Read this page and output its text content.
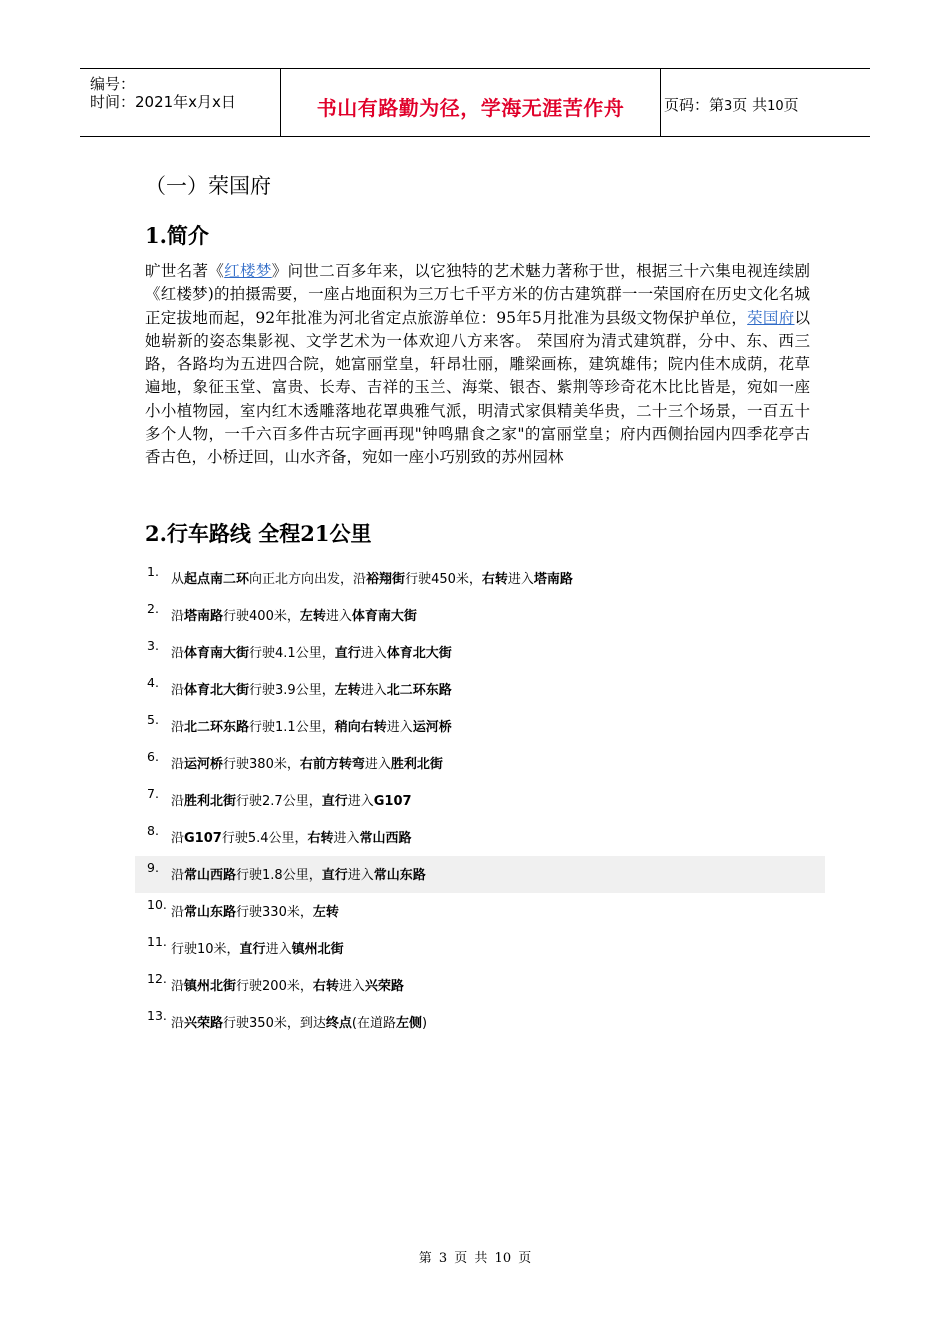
编号：
时间：2021年x月x日	书山有路勤为径，学海无涯苦作舟	页码：第3页 共10页
（一）荣国府
1.简介
旷世名著《红楼梦》问世二百多年来，以它独特的艺术魅力著称于世，根据三十六集电视连续剧《红楼梦)的拍摄需要，一座占地面积为三万七千平方米的仿古建筑群一一荣国府在历史文化名城正定拔地而起，92年批准为河北省定点旅游单位：95年5月批准为县级文物保护单位，荣国府以她崭新的姿态集影视、文学艺术为一体欢迎八方来客。 荣国府为清式建筑群，分中、东、西三路，各路均为五进四合院，她富丽堂皇，轩昂壮丽，雕梁画栋，建筑雄伟；院内佳木成荫，花草遍地，象征玉堂、富贵、长寿、吉祥的玉兰、海棠、银杏、紫荆等珍奇花木比比皆是，宛如一座小小植物园，室内红木透雕落地花罩典雅气派，明清式家俱精美华贵，二十三个场景，一百五十多个人物，一千六百多件古玩字画再现"钟鸣鼎食之家"的富丽堂皇；府内西侧抬园内四季花亭古香古色，小桥迂回，山水齐备，宛如一座小巧别致的苏州园林
2.行车路线 全程21公里
1.
从起点南二环向正北方向出发，沿裕翔街行驶450米，右转进入塔南路
2.
沿塔南路行驶400米，左转进入体育南大街
3.
沿体育南大街行驶4.1公里，直行进入体育北大街
4.
沿体育北大街行驶3.9公里，左转进入北二环东路
5.
沿北二环东路行驶1.1公里，稍向右转进入运河桥
6.
沿运河桥行驶380米，右前方转弯进入胜利北街
7.
沿胜利北街行驶2.7公里，直行进入G107
8.
沿G107行驶5.4公里，右转进入常山西路
9.
沿常山西路行驶1.8公里，直行进入常山东路
10.
沿常山东路行驶330米，左转
11.
行驶10米，直行进入镇州北街
12.
沿镇州北街行驶200米，右转进入兴荣路
13.
沿兴荣路行驶350米，到达终点(在道路左侧)
第 3 页 共 10 页
